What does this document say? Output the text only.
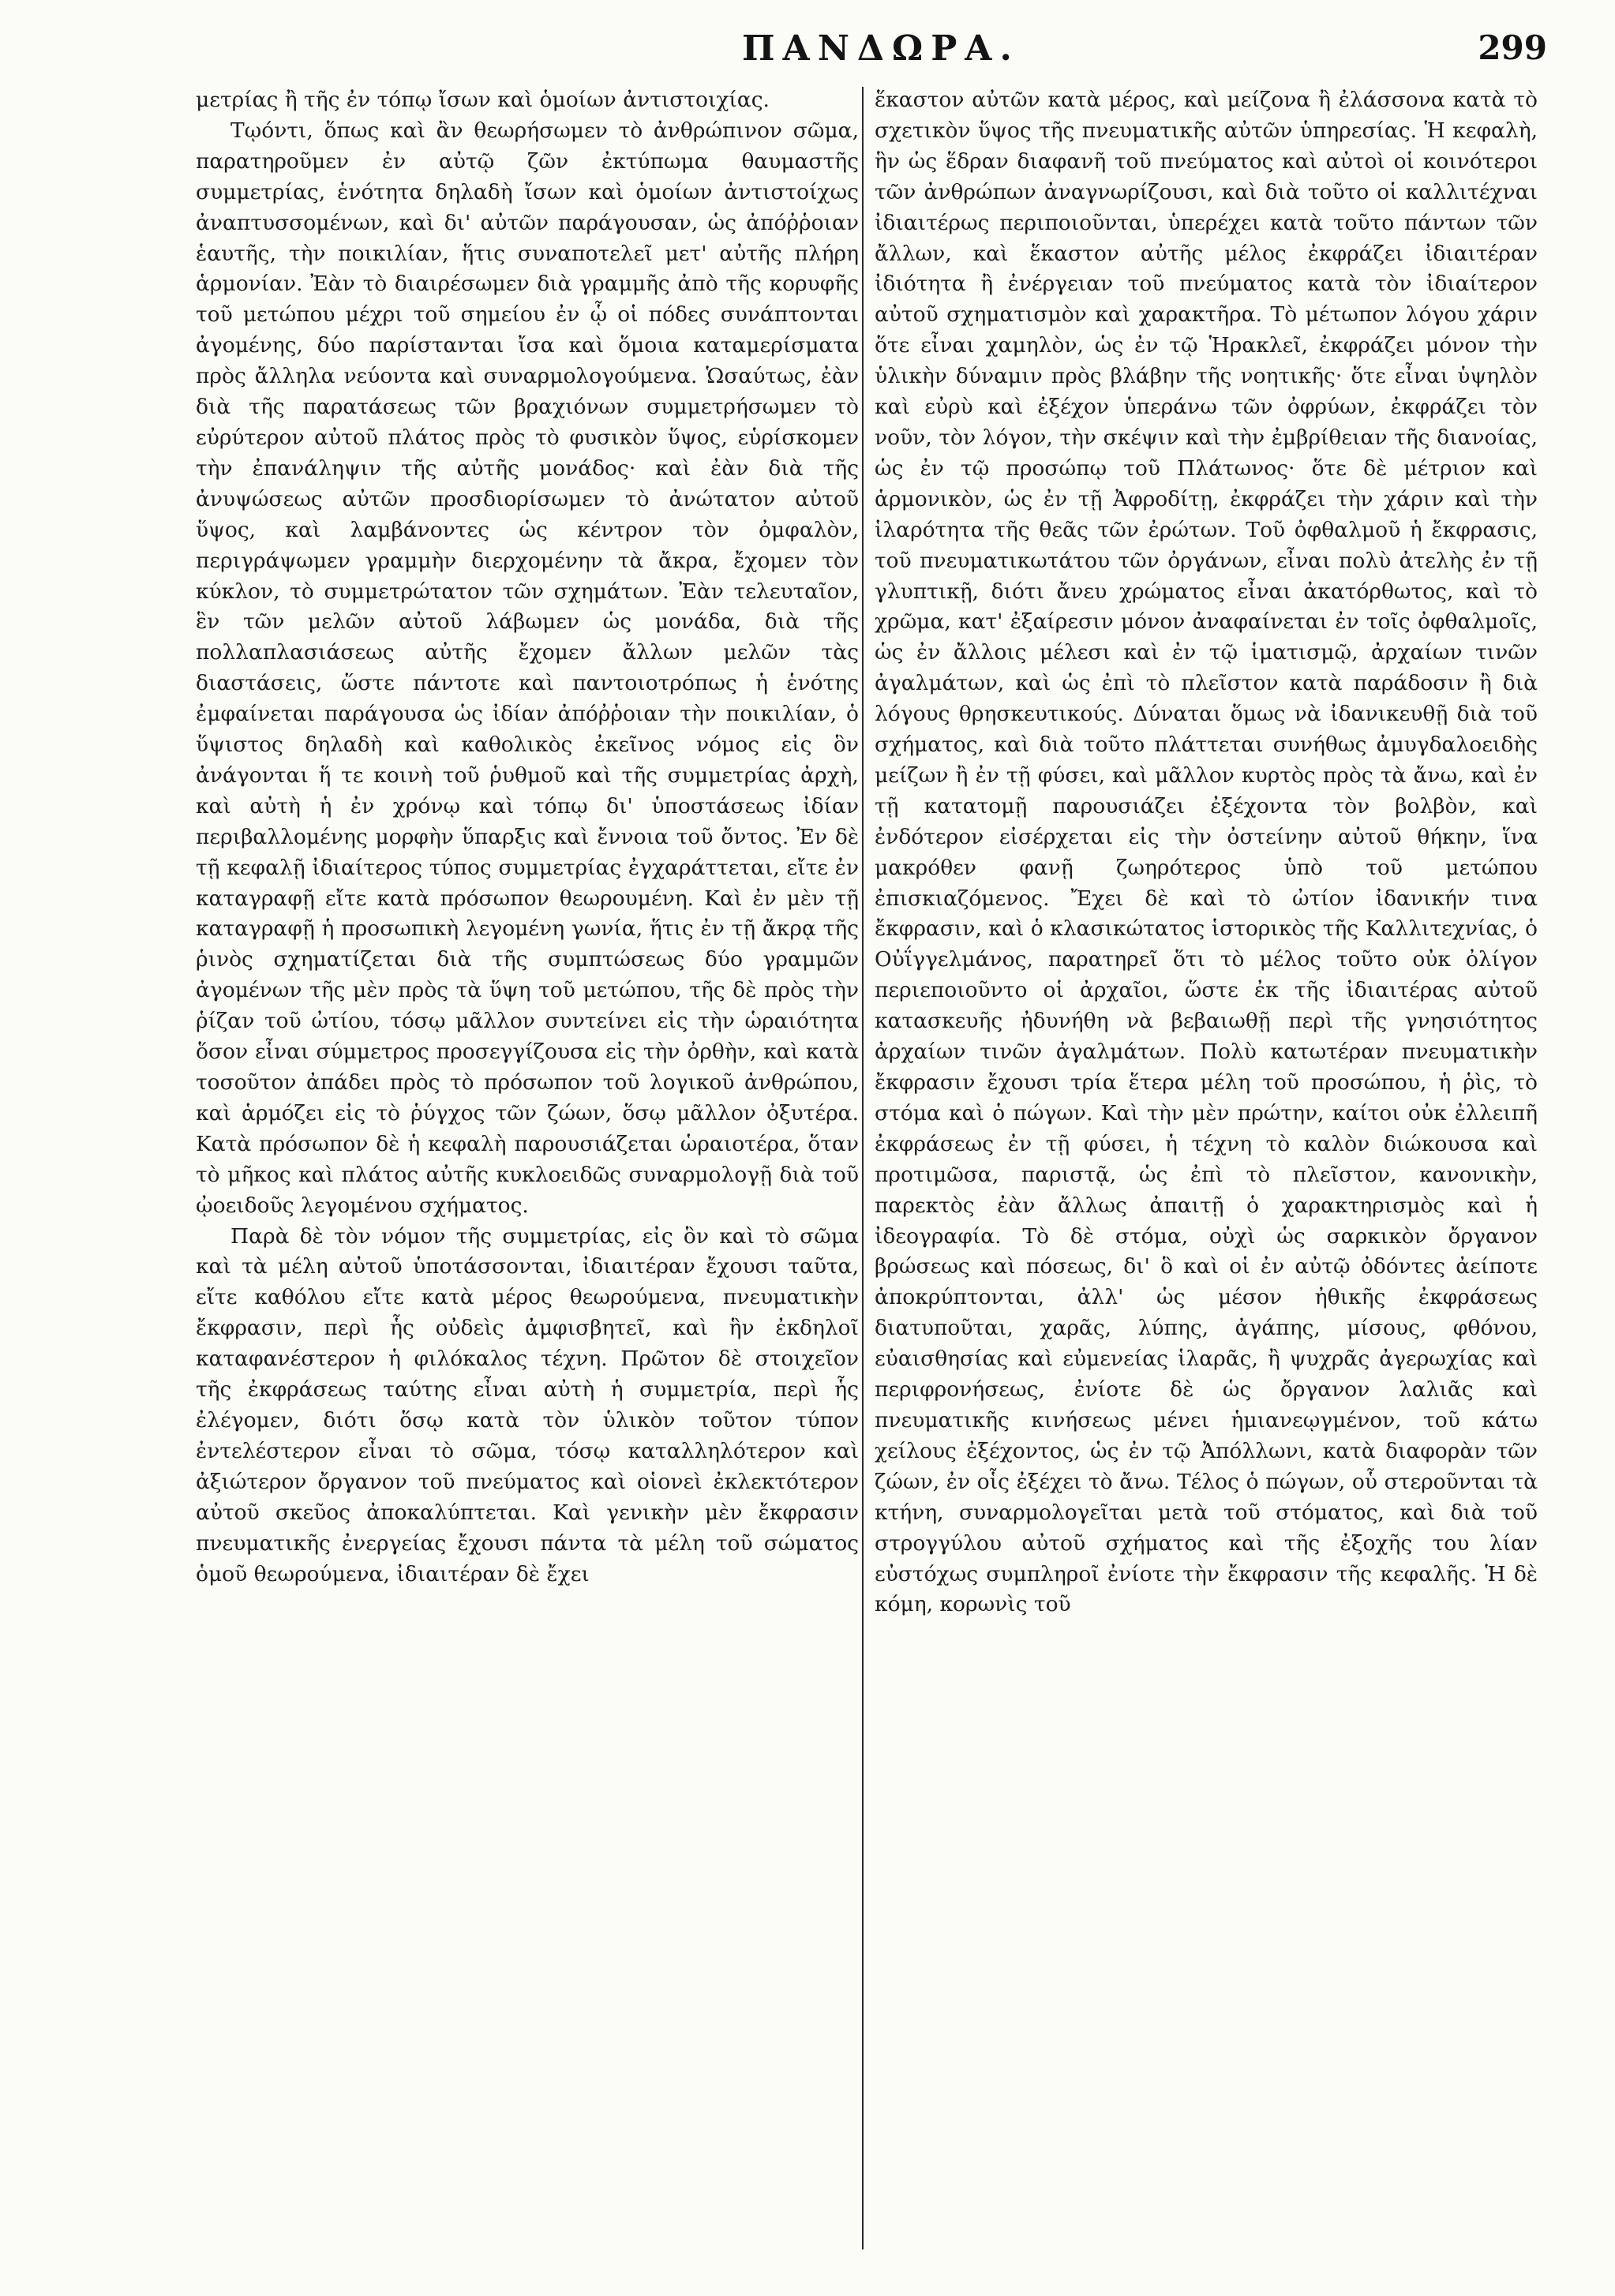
ΠΑΝΔΩΡΑ.	299

μετρίας ἢ τῆς ἐν τόπῳ ἴσων καὶ ὁμοίων ἀντιστοιχίας.

Τῳόντι, ὅπως καὶ ἂν θεωρήσωμεν τὸ ἀνθρώπινον σῶμα, παρατηροῦμεν ἐν αὐτῷ ζῶν ἐκτύπωμα θαυμαστῆς συμμετρίας, ἑνότητα δηλαδὴ ἴσων καὶ ὁμοίων ἀντιστοίχως ἀναπτυσσομένων, καὶ δι' αὐτῶν παράγουσαν, ὡς ἀπόῤῥοιαν ἑαυτῆς, τὴν ποικιλίαν, ἥτις συναποτελεῖ μετ' αὐτῆς πλήρη ἁρμονίαν. Ἐὰν τὸ διαιρέσωμεν διὰ γραμμῆς ἀπὸ τῆς κορυφῆς τοῦ μετώπου μέχρι τοῦ σημείου ἐν ᾧ οἱ πόδες συνάπτονται ἀγομένης, δύο παρίστανται ἴσα καὶ ὅμοια καταμερίσματα πρὸς ἄλληλα νεύοντα καὶ συναρμολογούμενα. Ὡσαύτως, ἐὰν διὰ τῆς παρατάσεως τῶν βραχιόνων συμμετρήσωμεν τὸ εὐρύτερον αὐτοῦ πλάτος πρὸς τὸ φυσικὸν ὕψος, εὑρίσκομεν τὴν ἐπανάληψιν τῆς αὐτῆς μονάδος· καὶ ἐὰν διὰ τῆς ἀνυψώσεως αὐτῶν προσδιορίσωμεν τὸ ἀνώτατον αὐτοῦ ὕψος, καὶ λαμβάνοντες ὡς κέντρον τὸν ὀμφαλὸν, περιγράψωμεν γραμμὴν διερχομένην τὰ ἄκρα, ἔχομεν τὸν κύκλον, τὸ συμμετρώτατον τῶν σχημάτων. Ἐὰν τελευταῖον, ἓν τῶν μελῶν αὐτοῦ λάβωμεν ὡς μονάδα, διὰ τῆς πολλαπλασιάσεως αὐτῆς ἔχομεν ἄλλων μελῶν τὰς διαστάσεις, ὥστε πάντοτε καὶ παντοιοτρόπως ἡ ἑνότης ἐμφαίνεται παράγουσα ὡς ἰδίαν ἀπόῤῥοιαν τὴν ποικιλίαν, ὁ ὕψιστος δηλαδὴ καὶ καθολικὸς ἐκεῖνος νόμος εἰς ὃν ἀνάγονται ἥ τε κοινὴ τοῦ ῥυθμοῦ καὶ τῆς συμμετρίας ἀρχὴ, καὶ αὐτὴ ἡ ἐν χρόνῳ καὶ τόπῳ δι' ὑποστάσεως ἰδίαν περιβαλλομένης μορφὴν ὕπαρξις καὶ ἔννοια τοῦ ὄντος. Ἐν δὲ τῇ κεφαλῇ ἰδιαίτερος τύπος συμμετρίας ἐγχαράττεται, εἴτε ἐν καταγραφῇ εἴτε κατὰ πρόσωπον θεωρουμένη. Καὶ ἐν μὲν τῇ καταγραφῇ ἡ προσωπικὴ λεγομένη γωνία, ἥτις ἐν τῇ ἄκρᾳ τῆς ῥινὸς σχηματίζεται διὰ τῆς συμπτώσεως δύο γραμμῶν ἀγομένων τῆς μὲν πρὸς τὰ ὕψη τοῦ μετώπου, τῆς δὲ πρὸς τὴν ῥίζαν τοῦ ὠτίου, τόσῳ μᾶλλον συντείνει εἰς τὴν ὡραιότητα ὅσον εἶναι σύμμετρος προσεγγίζουσα εἰς τὴν ὀρθὴν, καὶ κατὰ τοσοῦτον ἀπάδει πρὸς τὸ πρόσωπον τοῦ λογικοῦ ἀνθρώπου, καὶ ἁρμόζει εἰς τὸ ῥύγχος τῶν ζώων, ὅσῳ μᾶλλον ὀξυτέρα. Κατὰ πρόσωπον δὲ ἡ κεφαλὴ παρουσιάζεται ὡραιοτέρα, ὅταν τὸ μῆκος καὶ πλάτος αὐτῆς κυκλοειδῶς συναρμολογῇ διὰ τοῦ ᾠοειδοῦς λεγομένου σχήματος.

Παρὰ δὲ τὸν νόμον τῆς συμμετρίας, εἰς ὃν καὶ τὸ σῶμα καὶ τὰ μέλη αὐτοῦ ὑποτάσσονται, ἰδιαιτέραν ἔχουσι ταῦτα, εἴτε καθόλου εἴτε κατὰ μέρος θεωρούμενα, πνευματικὴν ἔκφρασιν, περὶ ἧς οὐδεὶς ἀμφισβητεῖ, καὶ ἣν ἐκδηλοῖ καταφανέστερον ἡ φιλόκαλος τέχνη. Πρῶτον δὲ στοιχεῖον τῆς ἐκφράσεως ταύτης εἶναι αὐτὴ ἡ συμμετρία, περὶ ἧς ἐλέγομεν, διότι ὅσῳ κατὰ τὸν ὑλικὸν τοῦτον τύπον ἐντελέστερον εἶναι τὸ σῶμα, τόσῳ καταλληλότερον καὶ ἀξιώτερον ὄργανον τοῦ πνεύματος καὶ οἱονεὶ ἐκλεκτότερον αὐτοῦ σκεῦος ἀποκαλύπτεται. Καὶ γενικὴν μὲν ἔκφρασιν πνευματικῆς ἐνεργείας ἔχουσι πάντα τὰ μέλη τοῦ σώματος ὁμοῦ θεωρούμενα, ἰδιαιτέραν δὲ ἔχει

ἕκαστον αὐτῶν κατὰ μέρος, καὶ μείζονα ἢ ἐλάσσονα κατὰ τὸ σχετικὸν ὕψος τῆς πνευματικῆς αὐτῶν ὑπηρεσίας. Ἡ κεφαλὴ, ἣν ὡς ἕδραν διαφανῆ τοῦ πνεύματος καὶ αὐτοὶ οἱ κοινότεροι τῶν ἀνθρώπων ἀναγνωρίζουσι, καὶ διὰ τοῦτο οἱ καλλιτέχναι ἰδιαιτέρως περιποιοῦνται, ὑπερέχει κατὰ τοῦτο πάντων τῶν ἄλλων, καὶ ἕκαστον αὐτῆς μέλος ἐκφράζει ἰδιαιτέραν ἰδιότητα ἢ ἐνέργειαν τοῦ πνεύματος κατὰ τὸν ἰδιαίτερον αὐτοῦ σχηματισμὸν καὶ χαρακτῆρα. Τὸ μέτωπον λόγου χάριν ὅτε εἶναι χαμηλὸν, ὡς ἐν τῷ Ἡρακλεῖ, ἐκφράζει μόνον τὴν ὑλικὴν δύναμιν πρὸς βλάβην τῆς νοητικῆς· ὅτε εἶναι ὑψηλὸν καὶ εὐρὺ καὶ ἐξέχον ὑπεράνω τῶν ὀφρύων, ἐκφράζει τὸν νοῦν, τὸν λόγον, τὴν σκέψιν καὶ τὴν ἐμβρίθειαν τῆς διανοίας, ὡς ἐν τῷ προσώπῳ τοῦ Πλάτωνος· ὅτε δὲ μέτριον καὶ ἁρμονικὸν, ὡς ἐν τῇ Ἀφροδίτῃ, ἐκφράζει τὴν χάριν καὶ τὴν ἱλαρότητα τῆς θεᾶς τῶν ἐρώτων. Τοῦ ὀφθαλμοῦ ἡ ἔκφρασις, τοῦ πνευματικωτάτου τῶν ὀργάνων, εἶναι πολὺ ἀτελὴς ἐν τῇ γλυπτικῇ, διότι ἄνευ χρώματος εἶναι ἀκατόρθωτος, καὶ τὸ χρῶμα, κατ' ἐξαίρεσιν μόνον ἀναφαίνεται ἐν τοῖς ὀφθαλμοῖς, ὡς ἐν ἄλλοις μέλεσι καὶ ἐν τῷ ἱματισμῷ, ἀρχαίων τινῶν ἀγαλμάτων, καὶ ὡς ἐπὶ τὸ πλεῖστον κατὰ παράδοσιν ἢ διὰ λόγους θρησκευτικούς. Δύναται ὅμως νὰ ἰδανικευθῇ διὰ τοῦ σχήματος, καὶ διὰ τοῦτο πλάττεται συνήθως ἀμυγδαλοειδὴς μείζων ἢ ἐν τῇ φύσει, καὶ μᾶλλον κυρτὸς πρὸς τὰ ἄνω, καὶ ἐν τῇ κατατομῇ παρουσιάζει ἐξέχοντα τὸν βολβὸν, καὶ ἐνδότερον εἰσέρχεται εἰς τὴν ὀστείνην αὐτοῦ θήκην, ἵνα μακρόθεν φανῇ ζωηρότερος ὑπὸ τοῦ μετώπου ἐπισκιαζόμενος. Ἔχει δὲ καὶ τὸ ὠτίον ἰδανικήν τινα ἔκφρασιν, καὶ ὁ κλασικώτατος ἱστορικὸς τῆς Καλλιτεχνίας, ὁ Οὐΐγγελμάνος, παρατηρεῖ ὅτι τὸ μέλος τοῦτο οὐκ ὀλίγον περιεποιοῦντο οἱ ἀρχαῖοι, ὥστε ἐκ τῆς ἰδιαιτέρας αὐτοῦ κατασκευῆς ἠδυνήθη νὰ βεβαιωθῇ περὶ τῆς γνησιότητος ἀρχαίων τινῶν ἀγαλμάτων. Πολὺ κατωτέραν πνευματικὴν ἔκφρασιν ἔχουσι τρία ἕτερα μέλη τοῦ προσώπου, ἡ ῥὶς, τὸ στόμα καὶ ὁ πώγων. Καὶ τὴν μὲν πρώτην, καίτοι οὐκ ἐλλειπῆ ἐκφράσεως ἐν τῇ φύσει, ἡ τέχνη τὸ καλὸν διώκουσα καὶ προτιμῶσα, παριστᾷ, ὡς ἐπὶ τὸ πλεῖστον, κανονικὴν, παρεκτὸς ἐὰν ἄλλως ἀπαιτῇ ὁ χαρακτηρισμὸς καὶ ἡ ἰδεογραφία. Τὸ δὲ στόμα, οὐχὶ ὡς σαρκικὸν ὄργανον βρώσεως καὶ πόσεως, δι' ὃ καὶ οἱ ἐν αὐτῷ ὀδόντες ἀείποτε ἀποκρύπτονται, ἀλλ' ὡς μέσον ἠθικῆς ἐκφράσεως διατυποῦται, χαρᾶς, λύπης, ἀγάπης, μίσους, φθόνου, εὐαισθησίας καὶ εὐμενείας ἱλαρᾶς, ἢ ψυχρᾶς ἀγερωχίας καὶ περιφρονήσεως, ἐνίοτε δὲ ὡς ὄργανον λαλιᾶς καὶ πνευματικῆς κινήσεως μένει ἡμιανεῳγμένον, τοῦ κάτω χείλους ἐξέχοντος, ὡς ἐν τῷ Ἀπόλλωνι, κατὰ διαφορὰν τῶν ζώων, ἐν οἷς ἐξέχει τὸ ἄνω. Τέλος ὁ πώγων, οὗ στεροῦνται τὰ κτήνη, συναρμολογεῖται μετὰ τοῦ στόματος, καὶ διὰ τοῦ στρογγύλου αὐτοῦ σχήματος καὶ τῆς ἐξοχῆς του λίαν εὐστόχως συμπληροῖ ἐνίοτε τὴν ἔκφρασιν τῆς κεφαλῆς. Ἡ δὲ κόμη, κορωνὶς τοῦ
